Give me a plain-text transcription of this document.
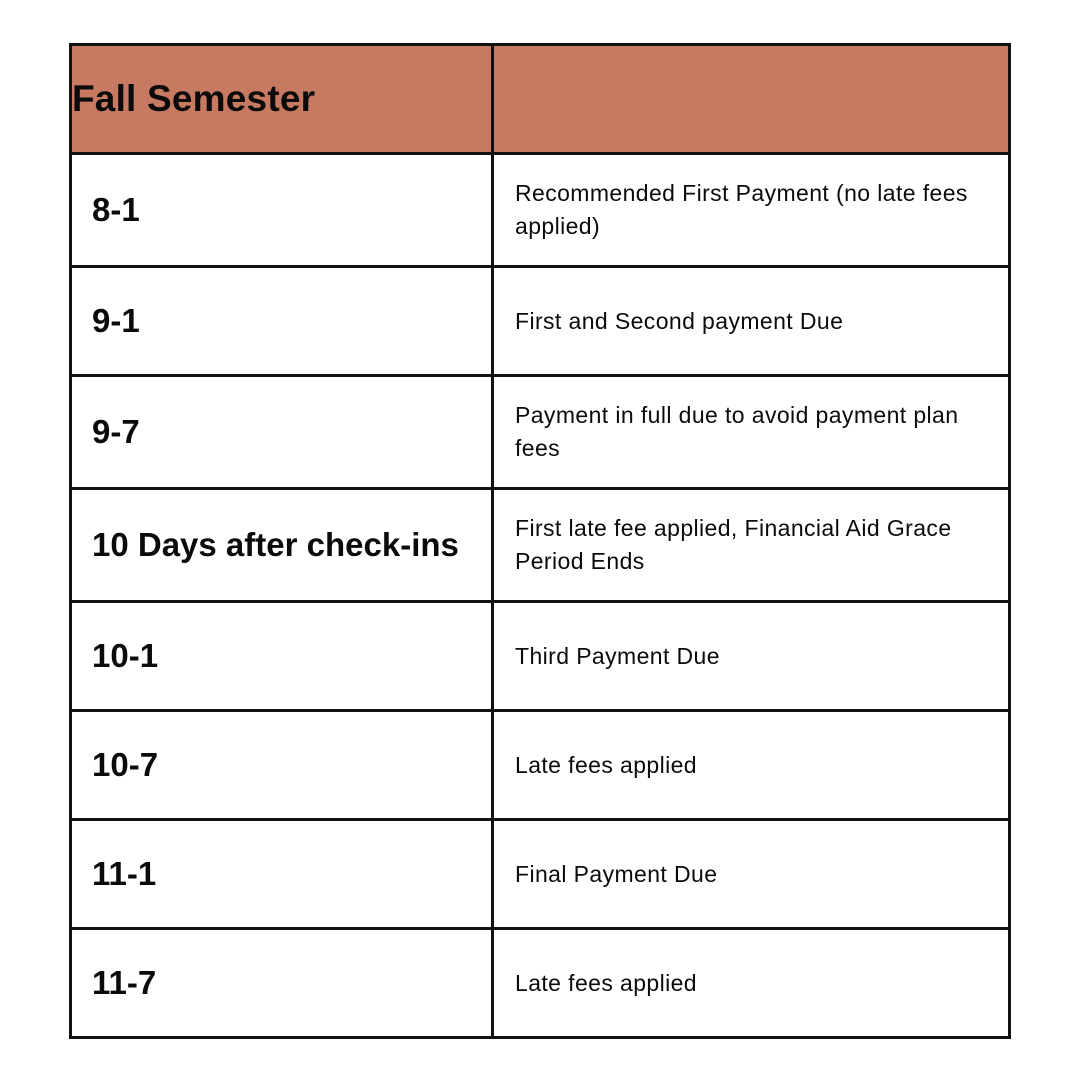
Fall Semester	
8-1	Recommended First Payment (no late fees applied)
9-1	First and Second payment Due
9-7	Payment in full due to avoid payment plan fees
10 Days after check-ins	First late fee applied, Financial Aid Grace Period Ends
10-1	Third Payment Due
10-7	Late fees applied
11-1	Final Payment Due
11-7	Late fees applied
